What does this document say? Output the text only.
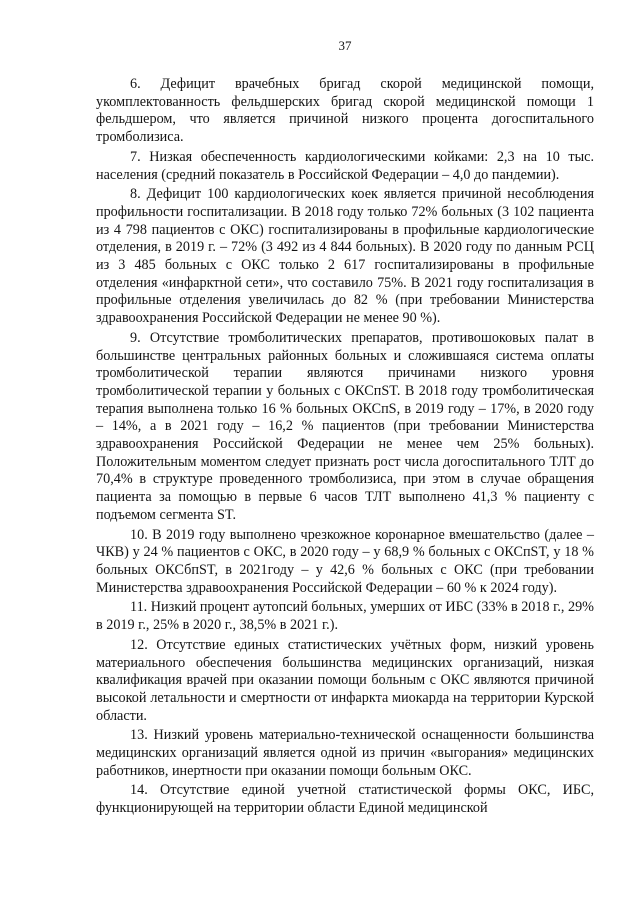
37

6. Дефицит врачебных бригад скорой медицинской помощи, укомплектованность фельдшерских бригад скорой медицинской помощи 1 фельдшером, что является причиной низкого процента догоспитального тромболизиса.

7. Низкая обеспеченность кардиологическими койками: 2,3 на 10 тыс. населения (средний показатель в Российской Федерации – 4,0 до пандемии).

8. Дефицит 100 кардиологических коек является причиной несоблюдения профильности госпитализации. В 2018 году только 72% больных (3 102 пациента из 4 798 пациентов с ОКС) госпитализированы в профильные кардиологические отделения, в 2019 г. – 72% (3 492 из 4 844 больных). В 2020 году по данным РСЦ из 3 485 больных с ОКС только 2 617 госпитализированы в профильные отделения «инфарктной сети», что составило 75%. В 2021 году госпитализация в профильные отделения увеличилась до 82 % (при требовании Министерства здравоохранения Российской Федерации не менее 90 %).

9. Отсутствие тромболитических препаратов, противошоковых палат в большинстве центральных районных больных и сложившаяся система оплаты тромболитической терапии являются причинами низкого уровня тромболитической терапии у больных с ОКСпST. В 2018 году тромболитическая терапия выполнена только 16 % больных ОКСпS, в 2019 году – 17%, в 2020 году – 14%, а в 2021 году – 16,2 % пациентов (при требовании Министерства здравоохранения Российской Федерации не менее чем 25% больных). Положительным моментом следует признать рост числа догоспитального ТЛТ до 70,4% в структуре проведенного тромболизиса, при этом в случае обращения пациента за помощью в первые 6 часов ТЛТ выполнено 41,3 % пациенту с подъемом сегмента ST.

10. В 2019 году выполнено чрезкожное коронарное вмешательство (далее – ЧКВ) у 24 % пациентов с ОКС, в 2020 году – у 68,9 % больных с ОКСпST, у 18 % больных ОКСбпST, в 2021году – у 42,6 % больных с ОКС (при требовании Министерства здравоохранения Российской Федерации – 60 % к 2024 году).

11. Низкий процент аутопсий больных, умерших от ИБС (33% в 2018 г., 29% в 2019 г., 25% в 2020 г., 38,5% в 2021 г.).

12. Отсутствие единых статистических учётных форм, низкий уровень материального обеспечения большинства медицинских организаций, низкая квалификация врачей при оказании помощи больным с ОКС являются причиной высокой летальности и смертности от инфаркта миокарда на территории Курской области.

13. Низкий уровень материально-технической оснащенности большинства медицинских организаций является одной из причин «выгорания» медицинских работников, инертности при оказании помощи больным ОКС.

14. Отсутствие единой учетной статистической формы ОКС, ИБС, функционирующей на территории области Единой медицинской
